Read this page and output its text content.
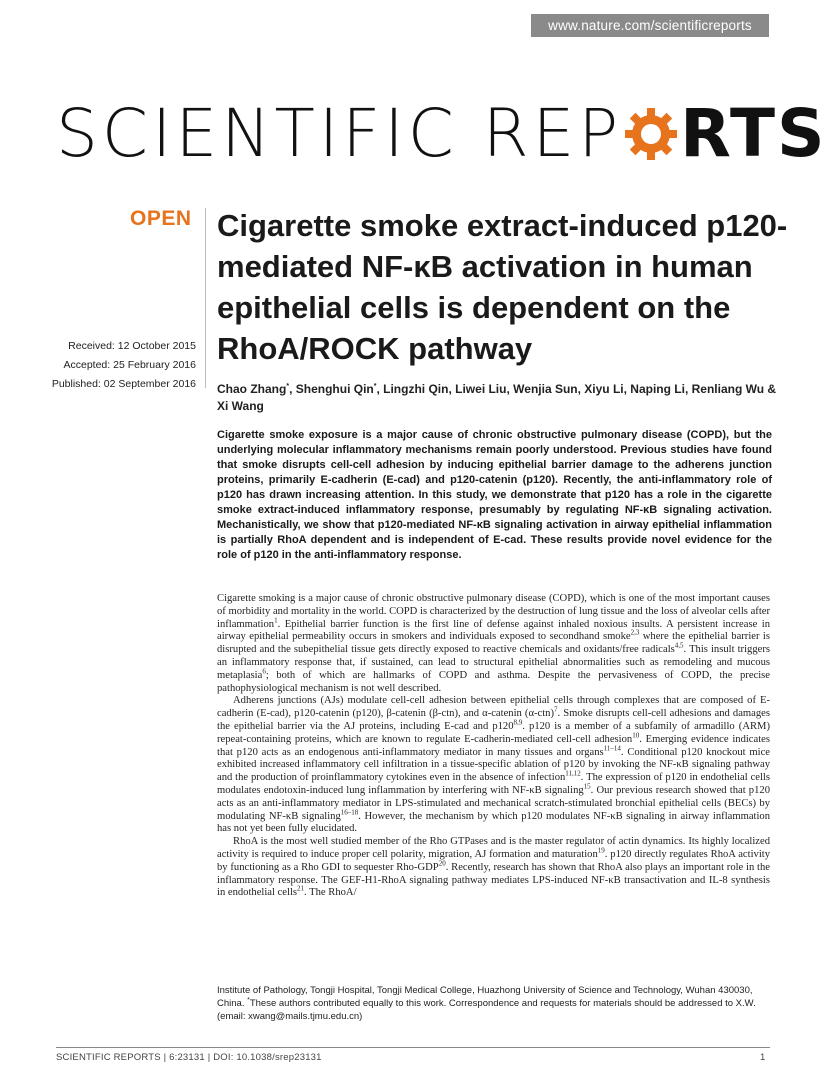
www.nature.com/scientificreports
SCIENTIFIC REP RTS
OPEN
Received: 12 October 2015
Accepted: 25 February 2016
Published: 02 September 2016
Cigarette smoke extract-induced p120-mediated NF-κB activation in human epithelial cells is dependent on the RhoA/ROCK pathway
Chao Zhang*, Shenghui Qin*, Lingzhi Qin, Liwei Liu, Wenjia Sun, Xiyu Li, Naping Li, Renliang Wu & Xi Wang
Cigarette smoke exposure is a major cause of chronic obstructive pulmonary disease (COPD), but the underlying molecular inflammatory mechanisms remain poorly understood. Previous studies have found that smoke disrupts cell-cell adhesion by inducing epithelial barrier damage to the adherens junction proteins, primarily E-cadherin (E-cad) and p120-catenin (p120). Recently, the anti-inflammatory role of p120 has drawn increasing attention. In this study, we demonstrate that p120 has a role in the cigarette smoke extract-induced inflammatory response, presumably by regulating NF-κB signaling activation. Mechanistically, we show that p120-mediated NF-κB signaling activation in airway epithelial inflammation is partially RhoA dependent and is independent of E-cad. These results provide novel evidence for the role of p120 in the anti-inflammatory response.

Cigarette smoking is a major cause of chronic obstructive pulmonary disease (COPD), which is one of the most important causes of morbidity and mortality in the world. COPD is characterized by the destruction of lung tissue and the loss of alveolar cells after inflammation$^1$. Epithelial barrier function is the first line of defense against inhaled noxious insults. A persistent increase in airway epithelial permeability occurs in smokers and individuals exposed to secondhand smoke$^{2,3}$ where the epithelial barrier is disrupted and the subepithelial tissue gets directly exposed to reactive chemicals and oxidants/free radicals$^{4,5}$. This insult triggers an inflammatory response that, if sustained, can lead to structural epithelial abnormalities such as remodeling and mucous metaplasia$^6$; both of which are hallmarks of COPD and asthma. Despite the pervasiveness of COPD, the precise pathophysiological mechanism is not well described.

Adherens junctions (AJs) modulate cell-cell adhesion between epithelial cells through complexes that are composed of E-cadherin (E-cad), p120-catenin (p120), β-catenin (β-ctn), and α-catenin $(\alpha-ctn)^7$. Smoke disrupts cell-cell adhesions and damages the epithelial barrier via the AJ proteins, including E-cad and p120$^{8,9}$. p120 is a member of a subfamily of armadillo (ARM) repeat-containing proteins, which are known to regulate E-cadherin-mediated cell-cell adhesion$^{10}$. Emerging evidence indicates that p120 acts as an endogenous anti-inflammatory mediator in many tissues and organs$^{11-14}$. Conditional p120 knockout mice exhibited increased inflammatory cell infiltration in a tissue-specific ablation of p120 by invoking the NF-κB signaling pathway and the production of proinflammatory cytokines even in the absence of infection$^{11,12}$. The expression of p120 in endothelial cells modulates endotoxin-induced lung inflammation by interfering with NF-κB signaling$^{15}$. Our previous research showed that p120 acts as an anti-inflammatory mediator in LPS-stimulated and mechanical scratch-stimulated bronchial epithelial cells (BECs) by modulating NF-κB signaling$^{16-18}$. However, the mechanism by which p120 modulates NF-κB signaling in airway inflammation has not yet been fully elucidated.

RhoA is the most well studied member of the Rho GTPases and is the master regulator of actin dynamics. Its highly localized activity is required to induce proper cell polarity, migration, AJ formation and maturation$^{19}$. p120 directly regulates RhoA activity by functioning as a Rho GDI to sequester Rho-GDP$^{20}$. Recently, research has shown that RhoA also plays an important role in the inflammatory response. The GEF-H1-RhoA signaling pathway mediates LPS-induced NF-κB transactivation and IL-8 synthesis in endothelial cells$^{21}$. The RhoA/

Institute of Pathology, Tongji Hospital, Tongji Medical College, Huazhong University of Science and Technology, Wuhan 430030, China. *These authors contributed equally to this work. Correspondence and requests for materials should be addressed to X.W. (email: xwang@mails.tjmu.edu.cn)
SCIENTIFIC REPORTS | 6:23131 | DOI: 10.1038/srep23131	1
